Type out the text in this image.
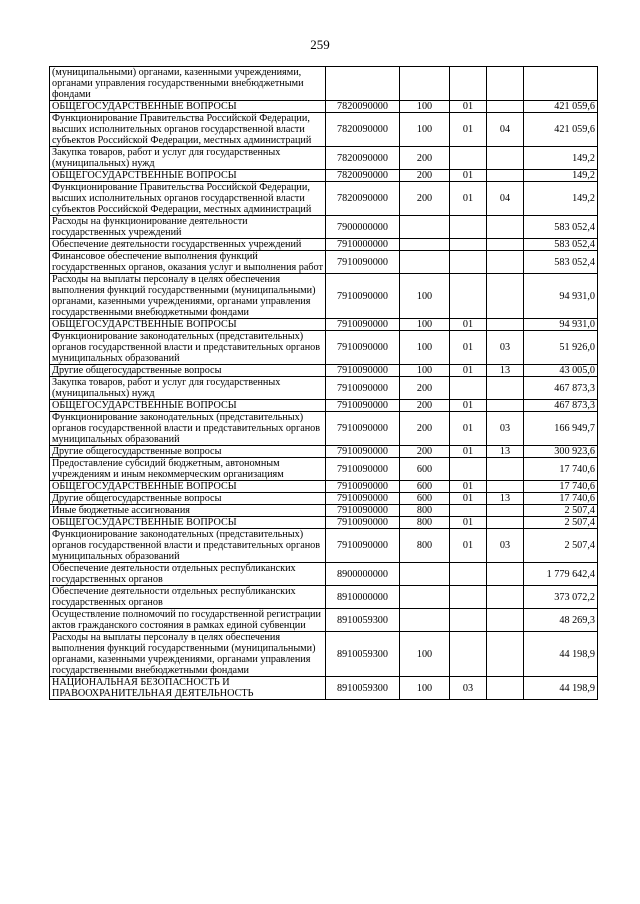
259
(муниципальными) органами, казенными учреждениями, органами управления государственными внебюджетными фондами					
ОБЩЕГОСУДАРСТВЕННЫЕ ВОПРОСЫ	7820090000	100	01		421 059,6
Функционирование Правительства Российской Федерации, высших исполнительных органов государственной власти субъектов Российской Федерации, местных администраций	7820090000	100	01	04	421 059,6
Закупка товаров, работ и услуг для государственных (муниципальных) нужд	7820090000	200			149,2
ОБЩЕГОСУДАРСТВЕННЫЕ ВОПРОСЫ	7820090000	200	01		149,2
Функционирование Правительства Российской Федерации, высших исполнительных органов государственной власти субъектов Российской Федерации, местных администраций	7820090000	200	01	04	149,2
Расходы на функционирование деятельности государственных учреждений	7900000000				583 052,4
Обеспечение деятельности государственных учреждений	7910000000				583 052,4
Финансовое обеспечение выполнения функций государственных органов, оказания услуг и выполнения работ	7910090000				583 052,4
Расходы на выплаты персоналу в целях обеспечения выполнения функций государственными (муниципальными) органами, казенными учреждениями, органами управления государственными внебюджетными фондами	7910090000	100			94 931,0
ОБЩЕГОСУДАРСТВЕННЫЕ ВОПРОСЫ	7910090000	100	01		94 931,0
Функционирование законодательных (представительных) органов государственной власти и представительных органов муниципальных образований	7910090000	100	01	03	51 926,0
Другие общегосударственные вопросы	7910090000	100	01	13	43 005,0
Закупка товаров, работ и услуг для государственных (муниципальных) нужд	7910090000	200			467 873,3
ОБЩЕГОСУДАРСТВЕННЫЕ ВОПРОСЫ	7910090000	200	01		467 873,3
Функционирование законодательных (представительных) органов государственной власти и представительных органов муниципальных образований	7910090000	200	01	03	166 949,7
Другие общегосударственные вопросы	7910090000	200	01	13	300 923,6
Предоставление субсидий бюджетным, автономным учреждениям и иным некоммерческим организациям	7910090000	600			17 740,6
ОБЩЕГОСУДАРСТВЕННЫЕ ВОПРОСЫ	7910090000	600	01		17 740,6
Другие общегосударственные вопросы	7910090000	600	01	13	17 740,6
Иные бюджетные ассигнования	7910090000	800			2 507,4
ОБЩЕГОСУДАРСТВЕННЫЕ ВОПРОСЫ	7910090000	800	01		2 507,4
Функционирование законодательных (представительных) органов государственной власти и представительных органов муниципальных образований	7910090000	800	01	03	2 507,4
Обеспечение деятельности отдельных республиканских государственных органов	8900000000				1 779 642,4
Обеспечение деятельности отдельных республиканских государственных органов	8910000000				373 072,2
Осуществление полномочий по государственной регистрации актов гражданского состояния в рамках единой субвенции	8910059300				48 269,3
Расходы на выплаты персоналу в целях обеспечения выполнения функций государственными (муниципальными) органами, казенными учреждениями, органами управления государственными внебюджетными фондами	8910059300	100			44 198,9
НАЦИОНАЛЬНАЯ БЕЗОПАСНОСТЬ И ПРАВООХРАНИТЕЛЬНАЯ ДЕЯТЕЛЬНОСТЬ	8910059300	100	03		44 198,9
